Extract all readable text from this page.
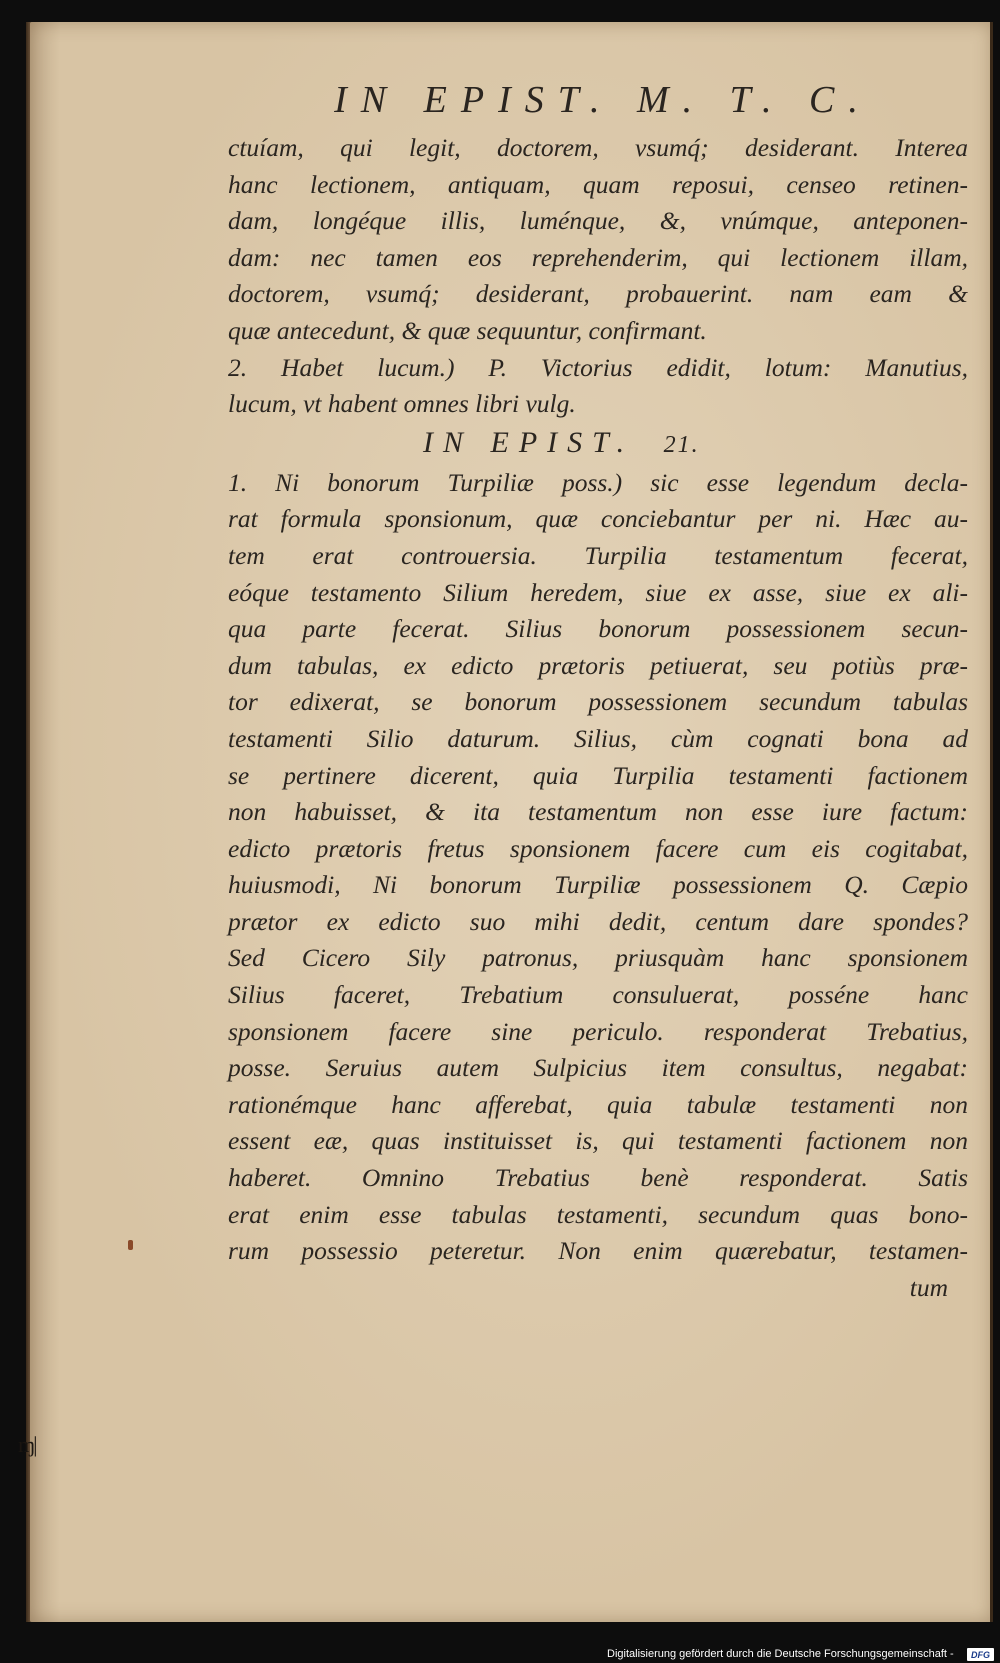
IN EPIST. M. T. C.
ctuíam, qui legit, doctorem, vsumq́; desiderant. Interea
hanc lectionem, antiquam, quam reposui, censeo retinen-
dam, longéque illis, luménque, &, vnúmque, anteponen-
dam: nec tamen eos reprehenderim, qui lectionem illam,
doctorem, vsumq́; desiderant, probauerint. nam eam &
quæ antecedunt, & quæ sequuntur, confirmant.
2. Habet lucum.) P. Victorius edidit, lotum: Manutius,
lucum, vt habent omnes libri vulg.
IN EPIST. 21.
1. Ni bonorum Turpiliæ poss.) sic esse legendum decla-
rat formula sponsionum, quæ conciebantur per ni. Hæc au-
tem erat controuersia. Turpilia testamentum fecerat,
eóque testamento Silium heredem, siue ex asse, siue ex ali-
qua parte fecerat. Silius bonorum possessionem secun-
dum tabulas, ex edicto prætoris petiuerat, seu potiùs præ-
tor edixerat, se bonorum possessionem secundum tabulas
testamenti Silio daturum. Silius, cùm cognati bona ad
se pertinere dicerent, quia Turpilia testamenti factionem
non habuisset, & ita testamentum non esse iure factum:
edicto prætoris fretus sponsionem facere cum eis cogitabat,
huiusmodi, Ni bonorum Turpiliæ possessionem Q. Cæpio
prætor ex edicto suo mihi dedit, centum dare spondes?
Sed Cicero Sily patronus, priusquàm hanc sponsionem
Silius faceret, Trebatium consuluerat, posséne hanc
sponsionem facere sine periculo. responderat Trebatius,
posse. Seruius autem Sulpicius item consultus, negabat:
rationémque hanc afferebat, quia tabulæ testamenti non
essent eæ, quas instituisset is, qui testamenti factionem non
haberet. Omnino Trebatius benè responderat. Satis
erat enim esse tabulas testamenti, secundum quas bono-
rum possessio peteretur. Non enim quærebatur, testamen-
tum
ɱ|
Digitalisierung gefördert durch die Deutsche Forschungsgemeinschaft -	DFG
